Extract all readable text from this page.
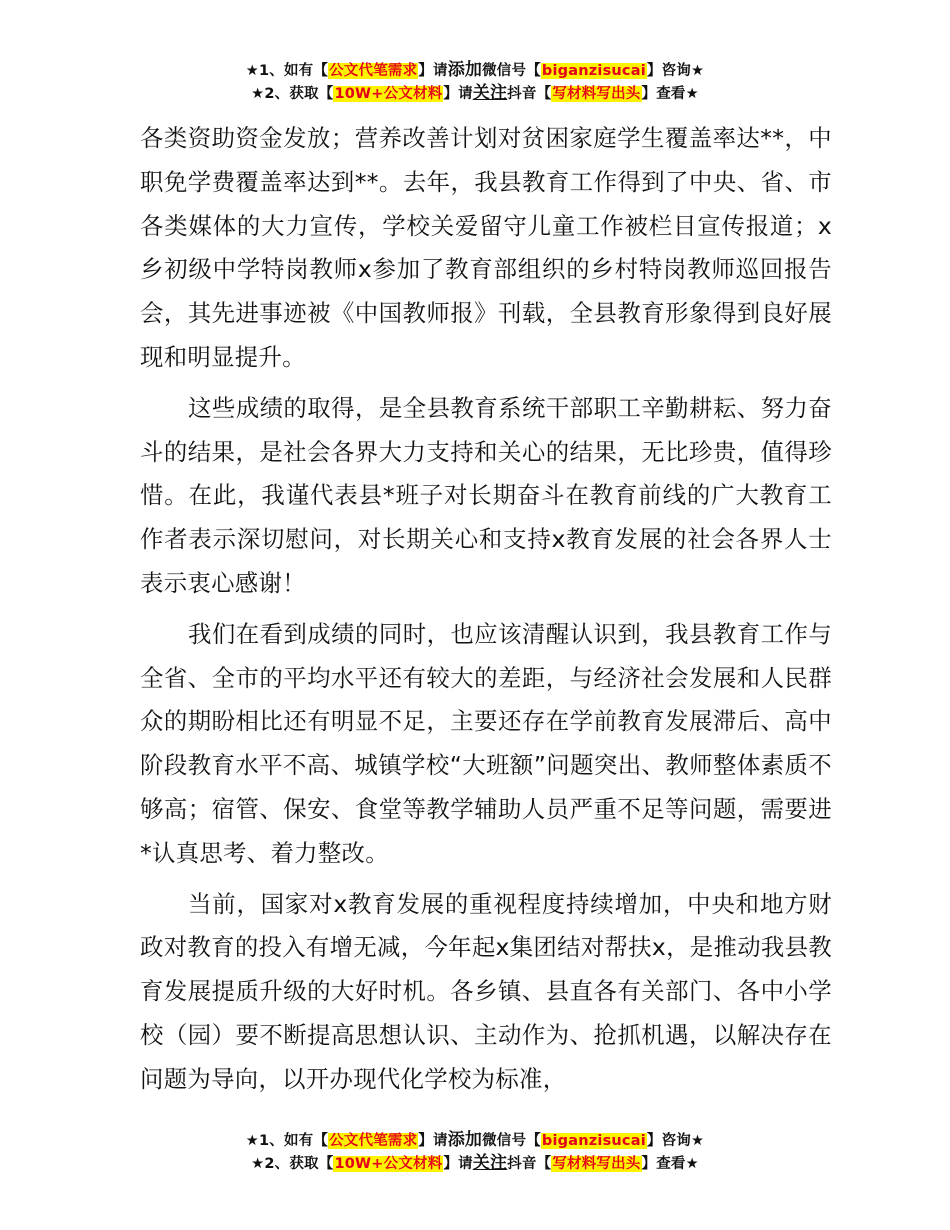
★1、如有【公文代笔需求】请添加微信号【biganzisucai】咨询★
★2、获取【10W+公文材料】请关注抖音【写材料写出头】查看★

各类资助资金发放；营养改善计划对贫困家庭学生覆盖率达**，中职免学费覆盖率达到**。去年，我县教育工作得到了中央、省、市各类媒体的大力宣传，学校关爱留守儿童工作被栏目宣传报道；x乡初级中学特岗教师x参加了教育部组织的乡村特岗教师巡回报告会，其先进事迹被《中国教师报》刊载，全县教育形象得到良好展现和明显提升。

这些成绩的取得，是全县教育系统干部职工辛勤耕耘、努力奋斗的结果，是社会各界大力支持和关心的结果，无比珍贵，值得珍惜。在此，我谨代表县*班子对长期奋斗在教育前线的广大教育工作者表示深切慰问，对长期关心和支持x教育发展的社会各界人士表示衷心感谢！

我们在看到成绩的同时，也应该清醒认识到，我县教育工作与全省、全市的平均水平还有较大的差距，与经济社会发展和人民群众的期盼相比还有明显不足，主要还存在学前教育发展滞后、高中阶段教育水平不高、城镇学校“大班额”问题突出、教师整体素质不够高；宿管、保安、食堂等教学辅助人员严重不足等问题，需要进*认真思考、着力整改。

当前，国家对x教育发展的重视程度持续增加，中央和地方财政对教育的投入有增无减，今年起x集团结对帮扶x，是推动我县教育发展提质升级的大好时机。各乡镇、县直各有关部门、各中小学校（园）要不断提高思想认识、主动作为、抢抓机遇，以解决存在问题为导向，以开办现代化学校为标准，

★1、如有【公文代笔需求】请添加微信号【biganzisucai】咨询★
★2、获取【10W+公文材料】请关注抖音【写材料写出头】查看★
